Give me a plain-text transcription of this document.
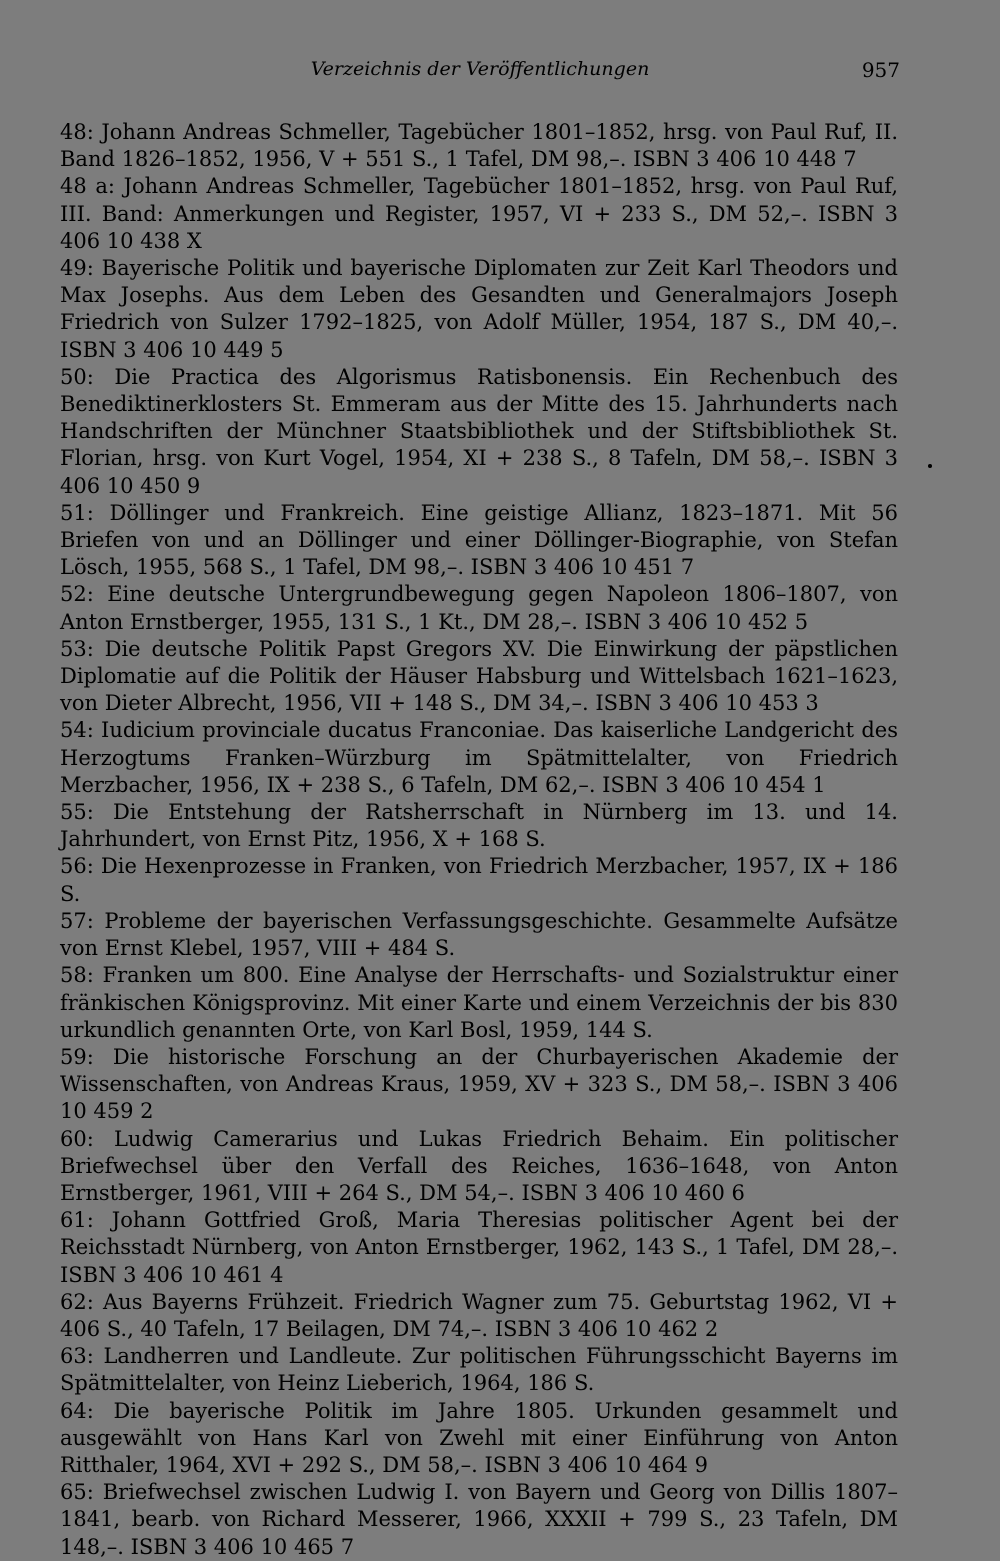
Verzeichnis der Veröffentlichungen	957

48: Johann Andreas Schmeller, Tagebücher 1801–1852, hrsg. von Paul Ruf, II. Band 1826–1852, 1956, V + 551 S., 1 Tafel, DM 98,–. ISBN 3 406 10 448 7

48 a: Johann Andreas Schmeller, Tagebücher 1801–1852, hrsg. von Paul Ruf, III. Band: Anmerkungen und Register, 1957, VI + 233 S., DM 52,–. ISBN 3 406 10 438 X

49: Bayerische Politik und bayerische Diplomaten zur Zeit Karl Theodors und Max Josephs. Aus dem Leben des Gesandten und Generalmajors Joseph Friedrich von Sulzer 1792–1825, von Adolf Müller, 1954, 187 S., DM 40,–. ISBN 3 406 10 449 5

50: Die Practica des Algorismus Ratisbonensis. Ein Rechenbuch des Benediktinerklosters St. Emmeram aus der Mitte des 15. Jahrhunderts nach Handschriften der Münchner Staatsbibliothek und der Stiftsbibliothek St. Florian, hrsg. von Kurt Vogel, 1954, XI + 238 S., 8 Tafeln, DM 58,–. ISBN 3 406 10 450 9

51: Döllinger und Frankreich. Eine geistige Allianz, 1823–1871. Mit 56 Briefen von und an Döllinger und einer Döllinger-Biographie, von Stefan Lösch, 1955, 568 S., 1 Tafel, DM 98,–. ISBN 3 406 10 451 7

52: Eine deutsche Untergrundbewegung gegen Napoleon 1806–1807, von Anton Ernstberger, 1955, 131 S., 1 Kt., DM 28,–. ISBN 3 406 10 452 5

53: Die deutsche Politik Papst Gregors XV. Die Einwirkung der päpstlichen Diplomatie auf die Politik der Häuser Habsburg und Wittelsbach 1621–1623, von Dieter Albrecht, 1956, VII + 148 S., DM 34,–. ISBN 3 406 10 453 3

54: Iudicium provinciale ducatus Franconiae. Das kaiserliche Landgericht des Herzogtums Franken–Würzburg im Spätmittelalter, von Friedrich Merzbacher, 1956, IX + 238 S., 6 Tafeln, DM 62,–. ISBN 3 406 10 454 1

55: Die Entstehung der Ratsherrschaft in Nürnberg im 13. und 14. Jahrhundert, von Ernst Pitz, 1956, X + 168 S.

56: Die Hexenprozesse in Franken, von Friedrich Merzbacher, 1957, IX + 186 S.

57: Probleme der bayerischen Verfassungsgeschichte. Gesammelte Aufsätze von Ernst Klebel, 1957, VIII + 484 S.

58: Franken um 800. Eine Analyse der Herrschafts- und Sozialstruktur einer fränkischen Königsprovinz. Mit einer Karte und einem Verzeichnis der bis 830 urkundlich genannten Orte, von Karl Bosl, 1959, 144 S.

59: Die historische Forschung an der Churbayerischen Akademie der Wissenschaften, von Andreas Kraus, 1959, XV + 323 S., DM 58,–. ISBN 3 406 10 459 2

60: Ludwig Camerarius und Lukas Friedrich Behaim. Ein politischer Briefwechsel über den Verfall des Reiches, 1636–1648, von Anton Ernstberger, 1961, VIII + 264 S., DM 54,–. ISBN 3 406 10 460 6

61: Johann Gottfried Groß, Maria Theresias politischer Agent bei der Reichsstadt Nürnberg, von Anton Ernstberger, 1962, 143 S., 1 Tafel, DM 28,–. ISBN 3 406 10 461 4

62: Aus Bayerns Frühzeit. Friedrich Wagner zum 75. Geburtstag 1962, VI + 406 S., 40 Tafeln, 17 Beilagen, DM 74,–. ISBN 3 406 10 462 2

63: Landherren und Landleute. Zur politischen Führungsschicht Bayerns im Spätmittelalter, von Heinz Lieberich, 1964, 186 S.

64: Die bayerische Politik im Jahre 1805. Urkunden gesammelt und ausgewählt von Hans Karl von Zwehl mit einer Einführung von Anton Ritthaler, 1964, XVI + 292 S., DM 58,–. ISBN 3 406 10 464 9

65: Briefwechsel zwischen Ludwig I. von Bayern und Georg von Dillis 1807–1841, bearb. von Richard Messerer, 1966, XXXII + 799 S., 23 Tafeln, DM 148,–. ISBN 3 406 10 465 7
